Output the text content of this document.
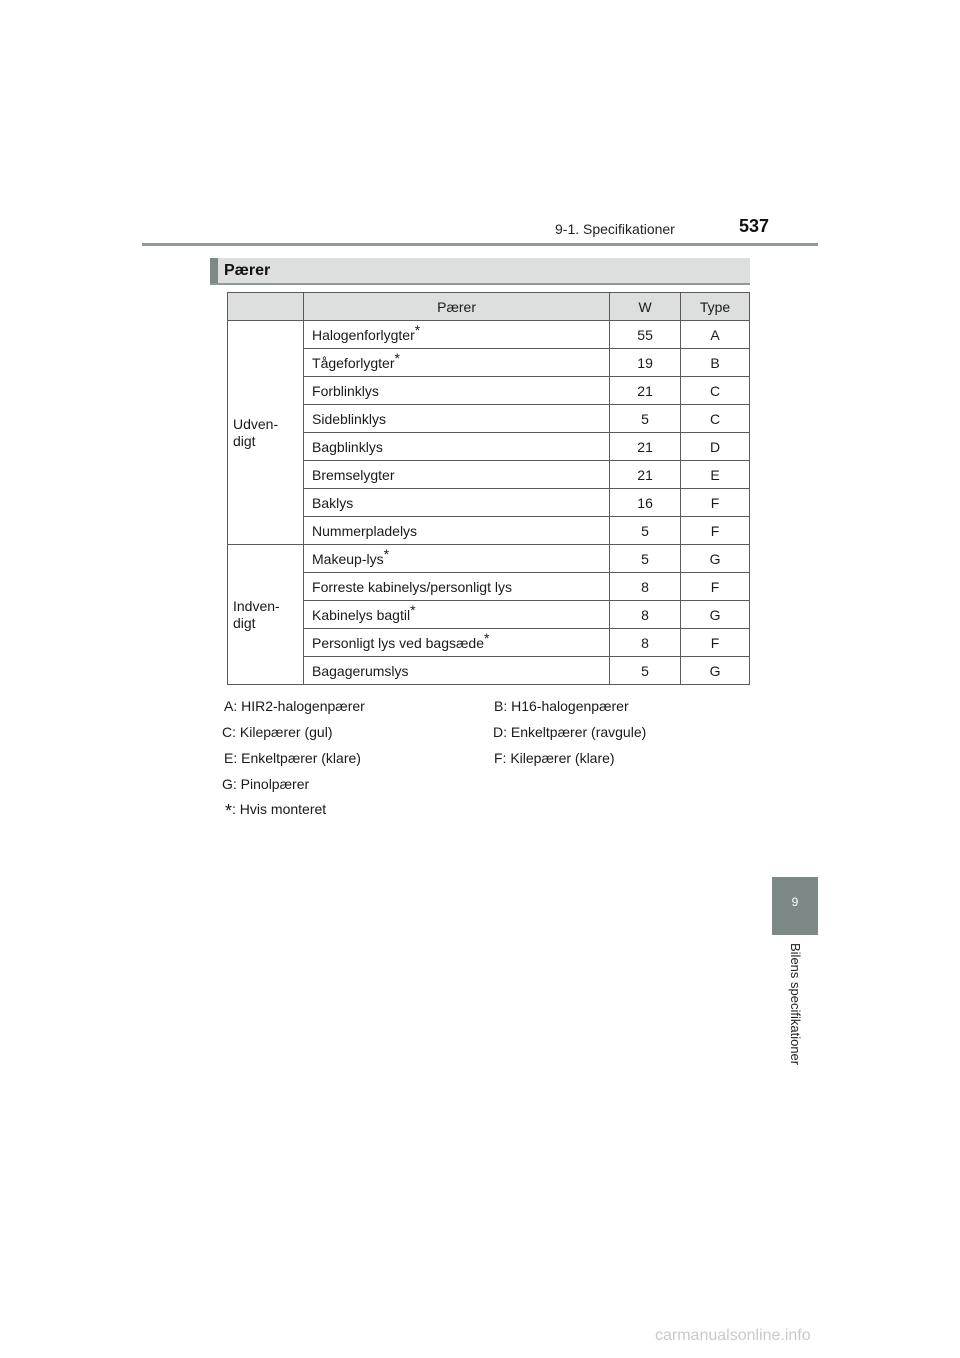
9-1. Specifikationer	537
Pærer
	Pærer	W	Type

Udven-
digt	Halogenforlygter*	55	A
	Tågeforlygter*	19	B
	Forblinklys	21	C
	Sideblinklys	5	C
	Bagblinklys	21	D
	Bremselygter	21	E
	Baklys	16	F
	Nummerpladelys	5	F

Indven-
digt	Makeup-lys*	5	G
	Forreste kabinelys/personligt lys	8	F
	Kabinelys bagtil*	8	G
	Personligt lys ved bagsæde*	8	F
	Bagagerumslys	5	G
A: HIR2-halogenpærer	B: H16-halogenpærer
C: Kilepærer (gul)	D: Enkeltpærer (ravgule)
E: Enkeltpærer (klare)	F: Kilepærer (klare)
G: Pinolpærer
*: Hvis monteret
9
Bilens specifikationer
carmanualsonline.info
